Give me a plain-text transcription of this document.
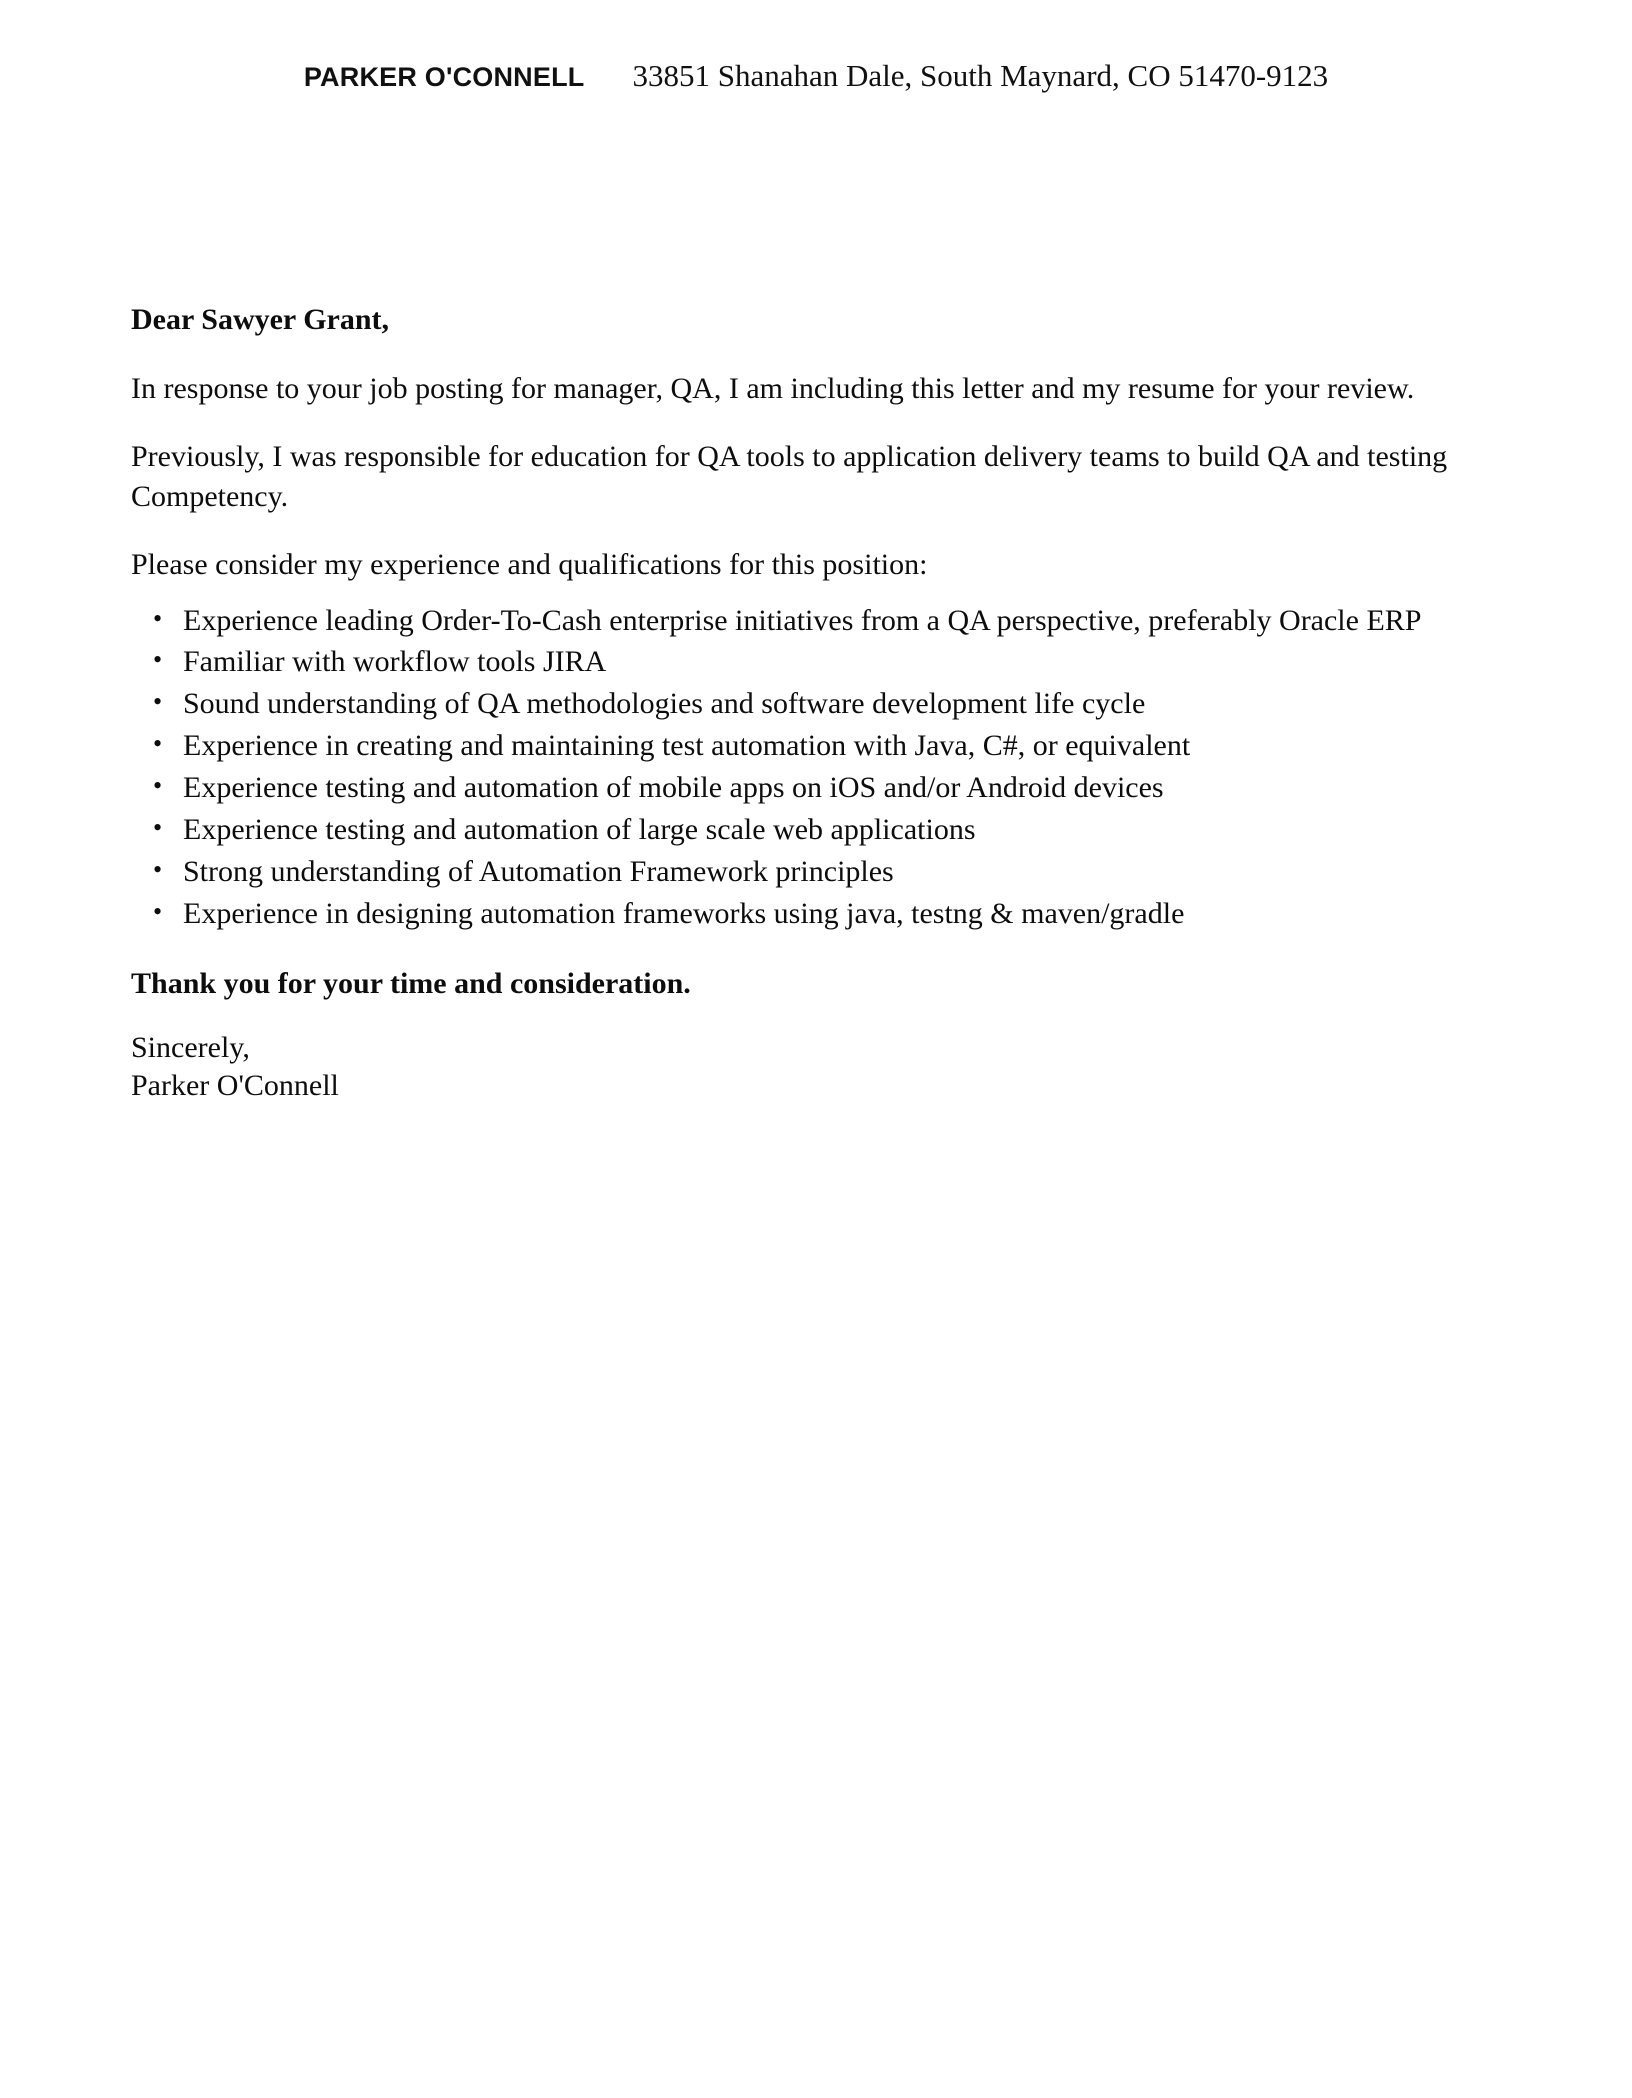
PARKER O'CONNELL 33851 Shanahan Dale, South Maynard, CO 51470-9123

Dear Sawyer Grant,

In response to your job posting for manager, QA, I am including this letter and my resume for your review.

Previously, I was responsible for education for QA tools to application delivery teams to build QA and testing Competency.

Please consider my experience and qualifications for this position:

• Experience leading Order-To-Cash enterprise initiatives from a QA perspective, preferably Oracle ERP
• Familiar with workflow tools JIRA
• Sound understanding of QA methodologies and software development life cycle
• Experience in creating and maintaining test automation with Java, C#, or equivalent
• Experience testing and automation of mobile apps on iOS and/or Android devices
• Experience testing and automation of large scale web applications
• Strong understanding of Automation Framework principles
• Experience in designing automation frameworks using java, testng & maven/gradle

Thank you for your time and consideration.

Sincerely,
Parker O'Connell
